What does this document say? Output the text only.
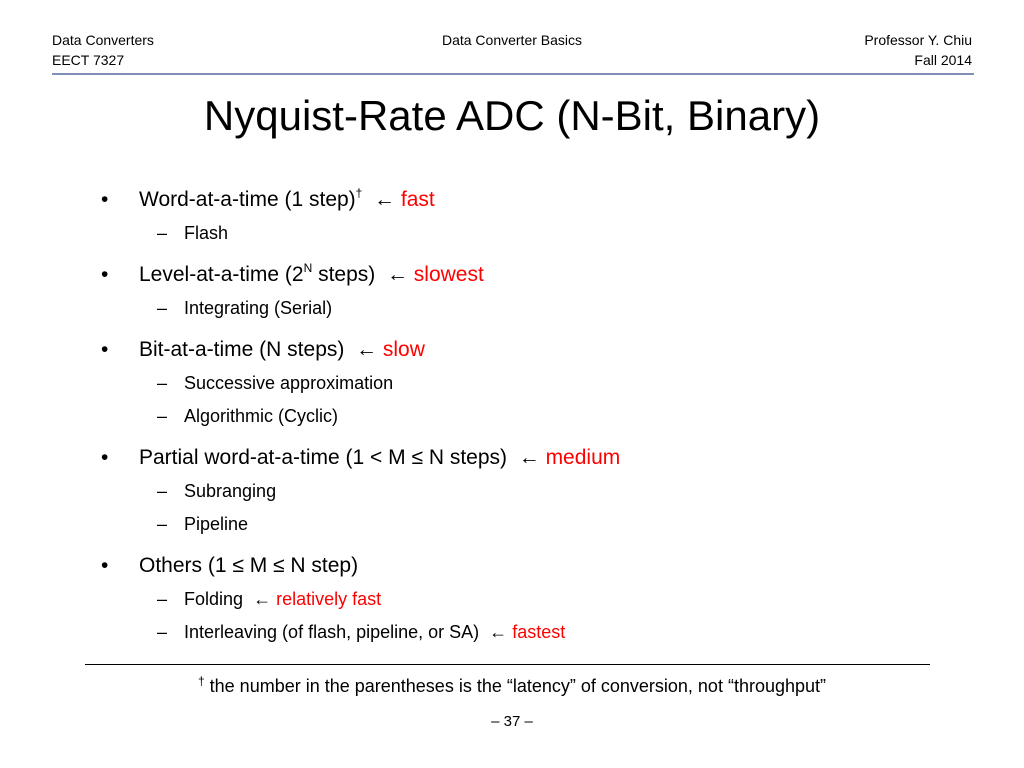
Data Converter Basics
Data Converters
EECT 7327
Professor Y. Chiu
Fall 2014
Nyquist-Rate ADC (N-Bit, Binary)
• Word-at-a-time (1 step)† ← fast
– Flash
• Level-at-a-time ($2^N$ steps) ← slowest
– Integrating (Serial)
• Bit-at-a-time (N steps) ← slow
– Successive approximation
– Algorithmic (Cyclic)
• Partial word-at-a-time (1 < M ≤ N steps) ← medium
– Subranging
– Pipeline
• Others (1 ≤ M ≤ N step)
– Folding ← relatively fast
– Interleaving (of flash, pipeline, or SA) ← fastest
† the number in the parentheses is the “latency” of conversion, not “throughput”
– 37 –
